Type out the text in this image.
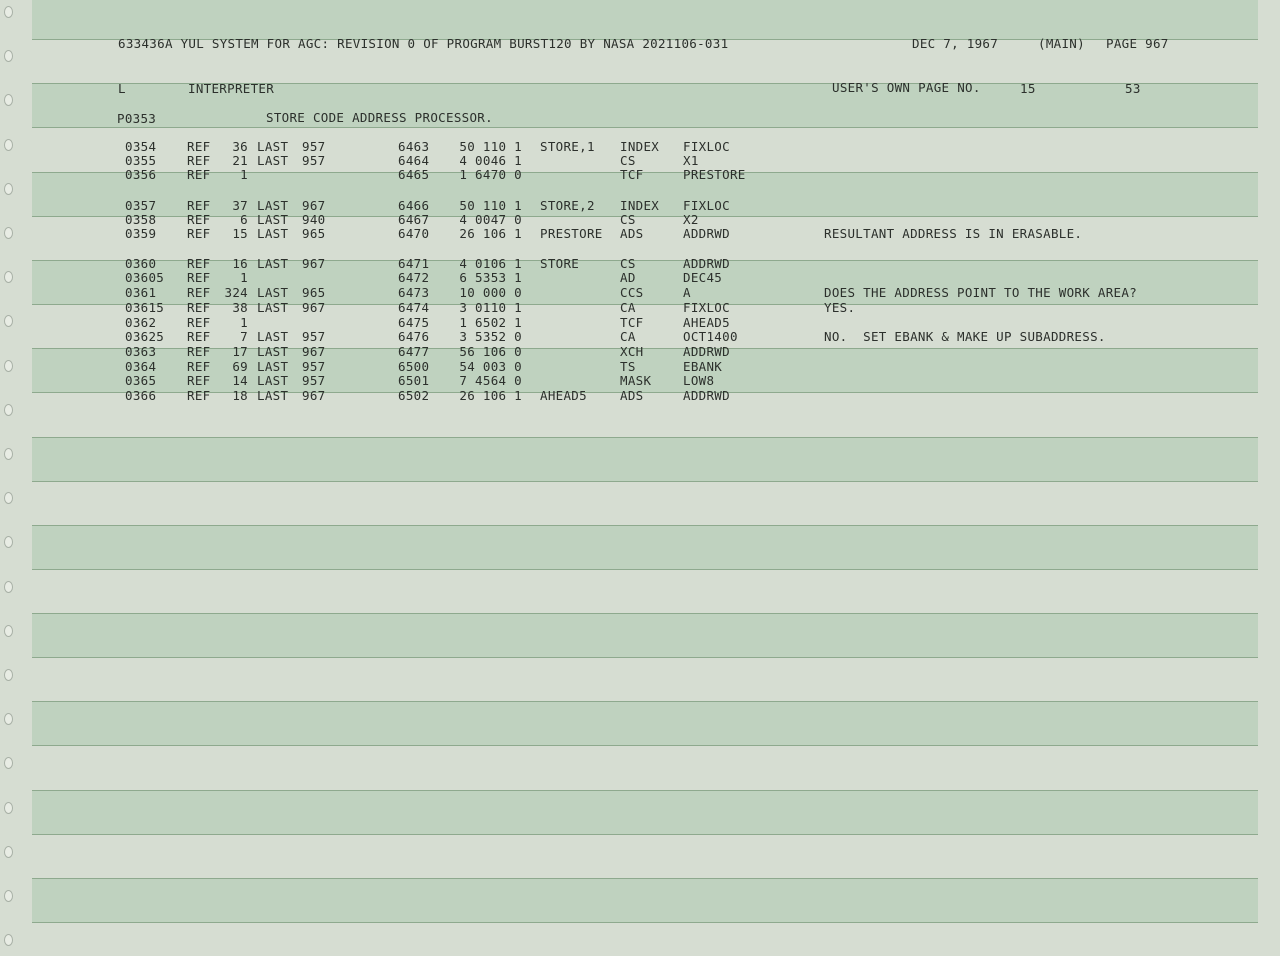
633436A YUL SYSTEM FOR AGC: REVISION 0 OF PROGRAM BURST120 BY NASA 2021106-031	DEC 7, 1967	(MAIN) PAGE 967
L	INTERPRETER	USER'S OWN PAGE NO.	15	53
P0353	STORE CODE ADDRESS PROCESSOR.
0354 REF 36 LAST 957	6463 50 110 1 STORE,1 INDEX FIXLOC
0355 REF 21 LAST 957	6464 4 0046 1	CS	X1
0356 REF 1	6465 1 6470 0	TCF	PRESTORE
0357 REF 37 LAST 967	6466 50 110 1 STORE,2 INDEX FIXLOC
0358 REF 6 LAST 940	6467 4 0047 0	CS	X2
0359 REF 15 LAST 965	6470 26 106 1 PRESTORE ADS	ADDRWD	RESULTANT ADDRESS IS IN ERASABLE.
0360 REF 16 LAST 967	6471 4 0106 1 STORE	CS	ADDRWD
03605 REF 1	6472 6 5353 1	AD	DEC45
0361 REF 324 LAST 965	6473 10 000 0	CCS	A	DOES THE ADDRESS POINT TO THE WORK AREA?
03615 REF 38 LAST 967	6474 3 0110 1	CA	FIXLOC	YES.
0362 REF 1	6475 1 6502 1	TCF	AHEAD5
03625 REF 7 LAST 957	6476 3 5352 0	CA	OCT1400	NO.  SET EBANK & MAKE UP SUBADDRESS.
0363 REF 17 LAST 967	6477 56 106 0	XCH	ADDRWD
0364 REF 69 LAST 957	6500 54 003 0	TS	EBANK
0365 REF 14 LAST 957	6501 7 4564 0	MASK	LOW8
0366 REF 18 LAST 967	6502 26 106 1 AHEAD5	ADS	ADDRWD
